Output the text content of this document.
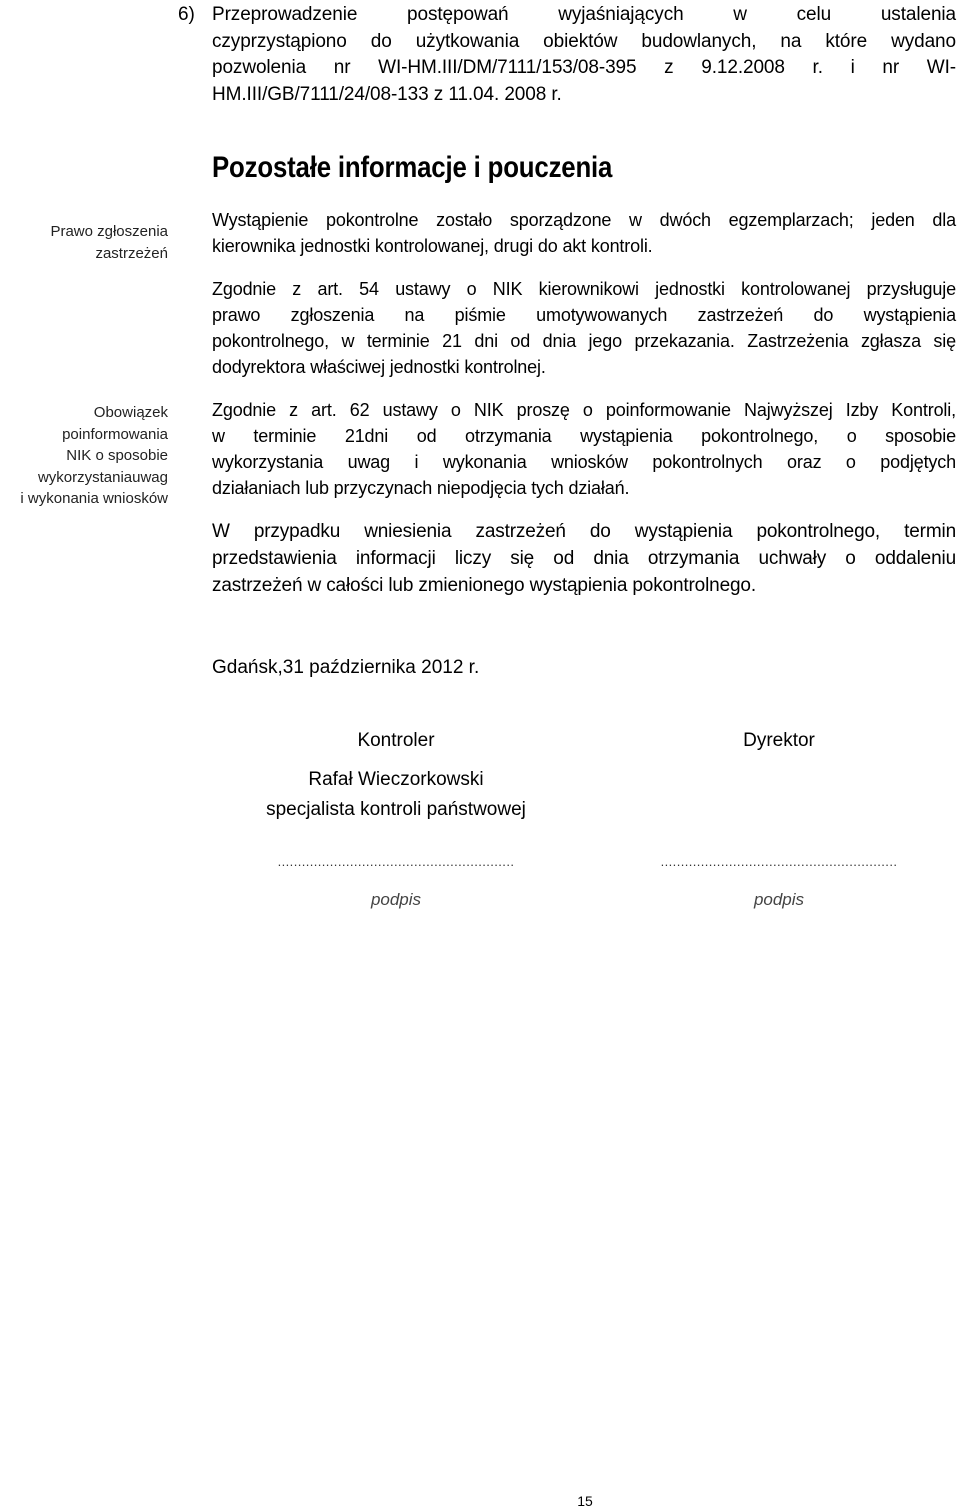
6) Przeprowadzenie postępowań wyjaśniających w celu ustalenia
czyprzystąpiono do użytkowania obiektów budowlanych, na które wydano
pozwolenia nr WI-HM.III/DM/7111/153/08-395 z 9.12.2008 r. i nr WI-
HM.III/GB/7111/24/08-133 z 11.04. 2008 r.
Prawo zgłoszenia
zastrzeżeń
Obowiązek
poinformowania
NIK o sposobie
wykorzystaniauwag
i wykonania wniosków
Pozostałe informacje i pouczenia
Wystąpienie pokontrolne zostało sporządzone w dwóch egzemplarzach; jeden dla
kierownika jednostki kontrolowanej, drugi do akt kontroli.
Zgodnie z art. 54 ustawy o NIK kierownikowi jednostki kontrolowanej przysługuje
prawo zgłoszenia na piśmie umotywowanych zastrzeżeń do wystąpienia
pokontrolnego, w terminie 21 dni od dnia jego przekazania. Zastrzeżenia zgłasza się
dodyrektora właściwej jednostki kontrolnej.
Zgodnie z art. 62 ustawy o NIK proszę o poinformowanie Najwyższej Izby Kontroli,
w terminie 21dni od otrzymania wystąpienia pokontrolnego, o sposobie
wykorzystania uwag i wykonania wniosków pokontrolnych oraz o podjętych
działaniach lub przyczynach niepodjęcia tych działań.
W przypadku wniesienia zastrzeżeń do wystąpienia pokontrolnego, termin
przedstawienia informacji liczy się od dnia otrzymania uchwały o oddaleniu
zastrzeżeń w całości lub zmienionego wystąpienia pokontrolnego.

Gdańsk,31 października 2012 r.

Kontroler
Rafał Wieczorkowski
specjalista kontroli państwowej
Dyrektor
...........................................................	...........................................................
podpis	podpis
15
